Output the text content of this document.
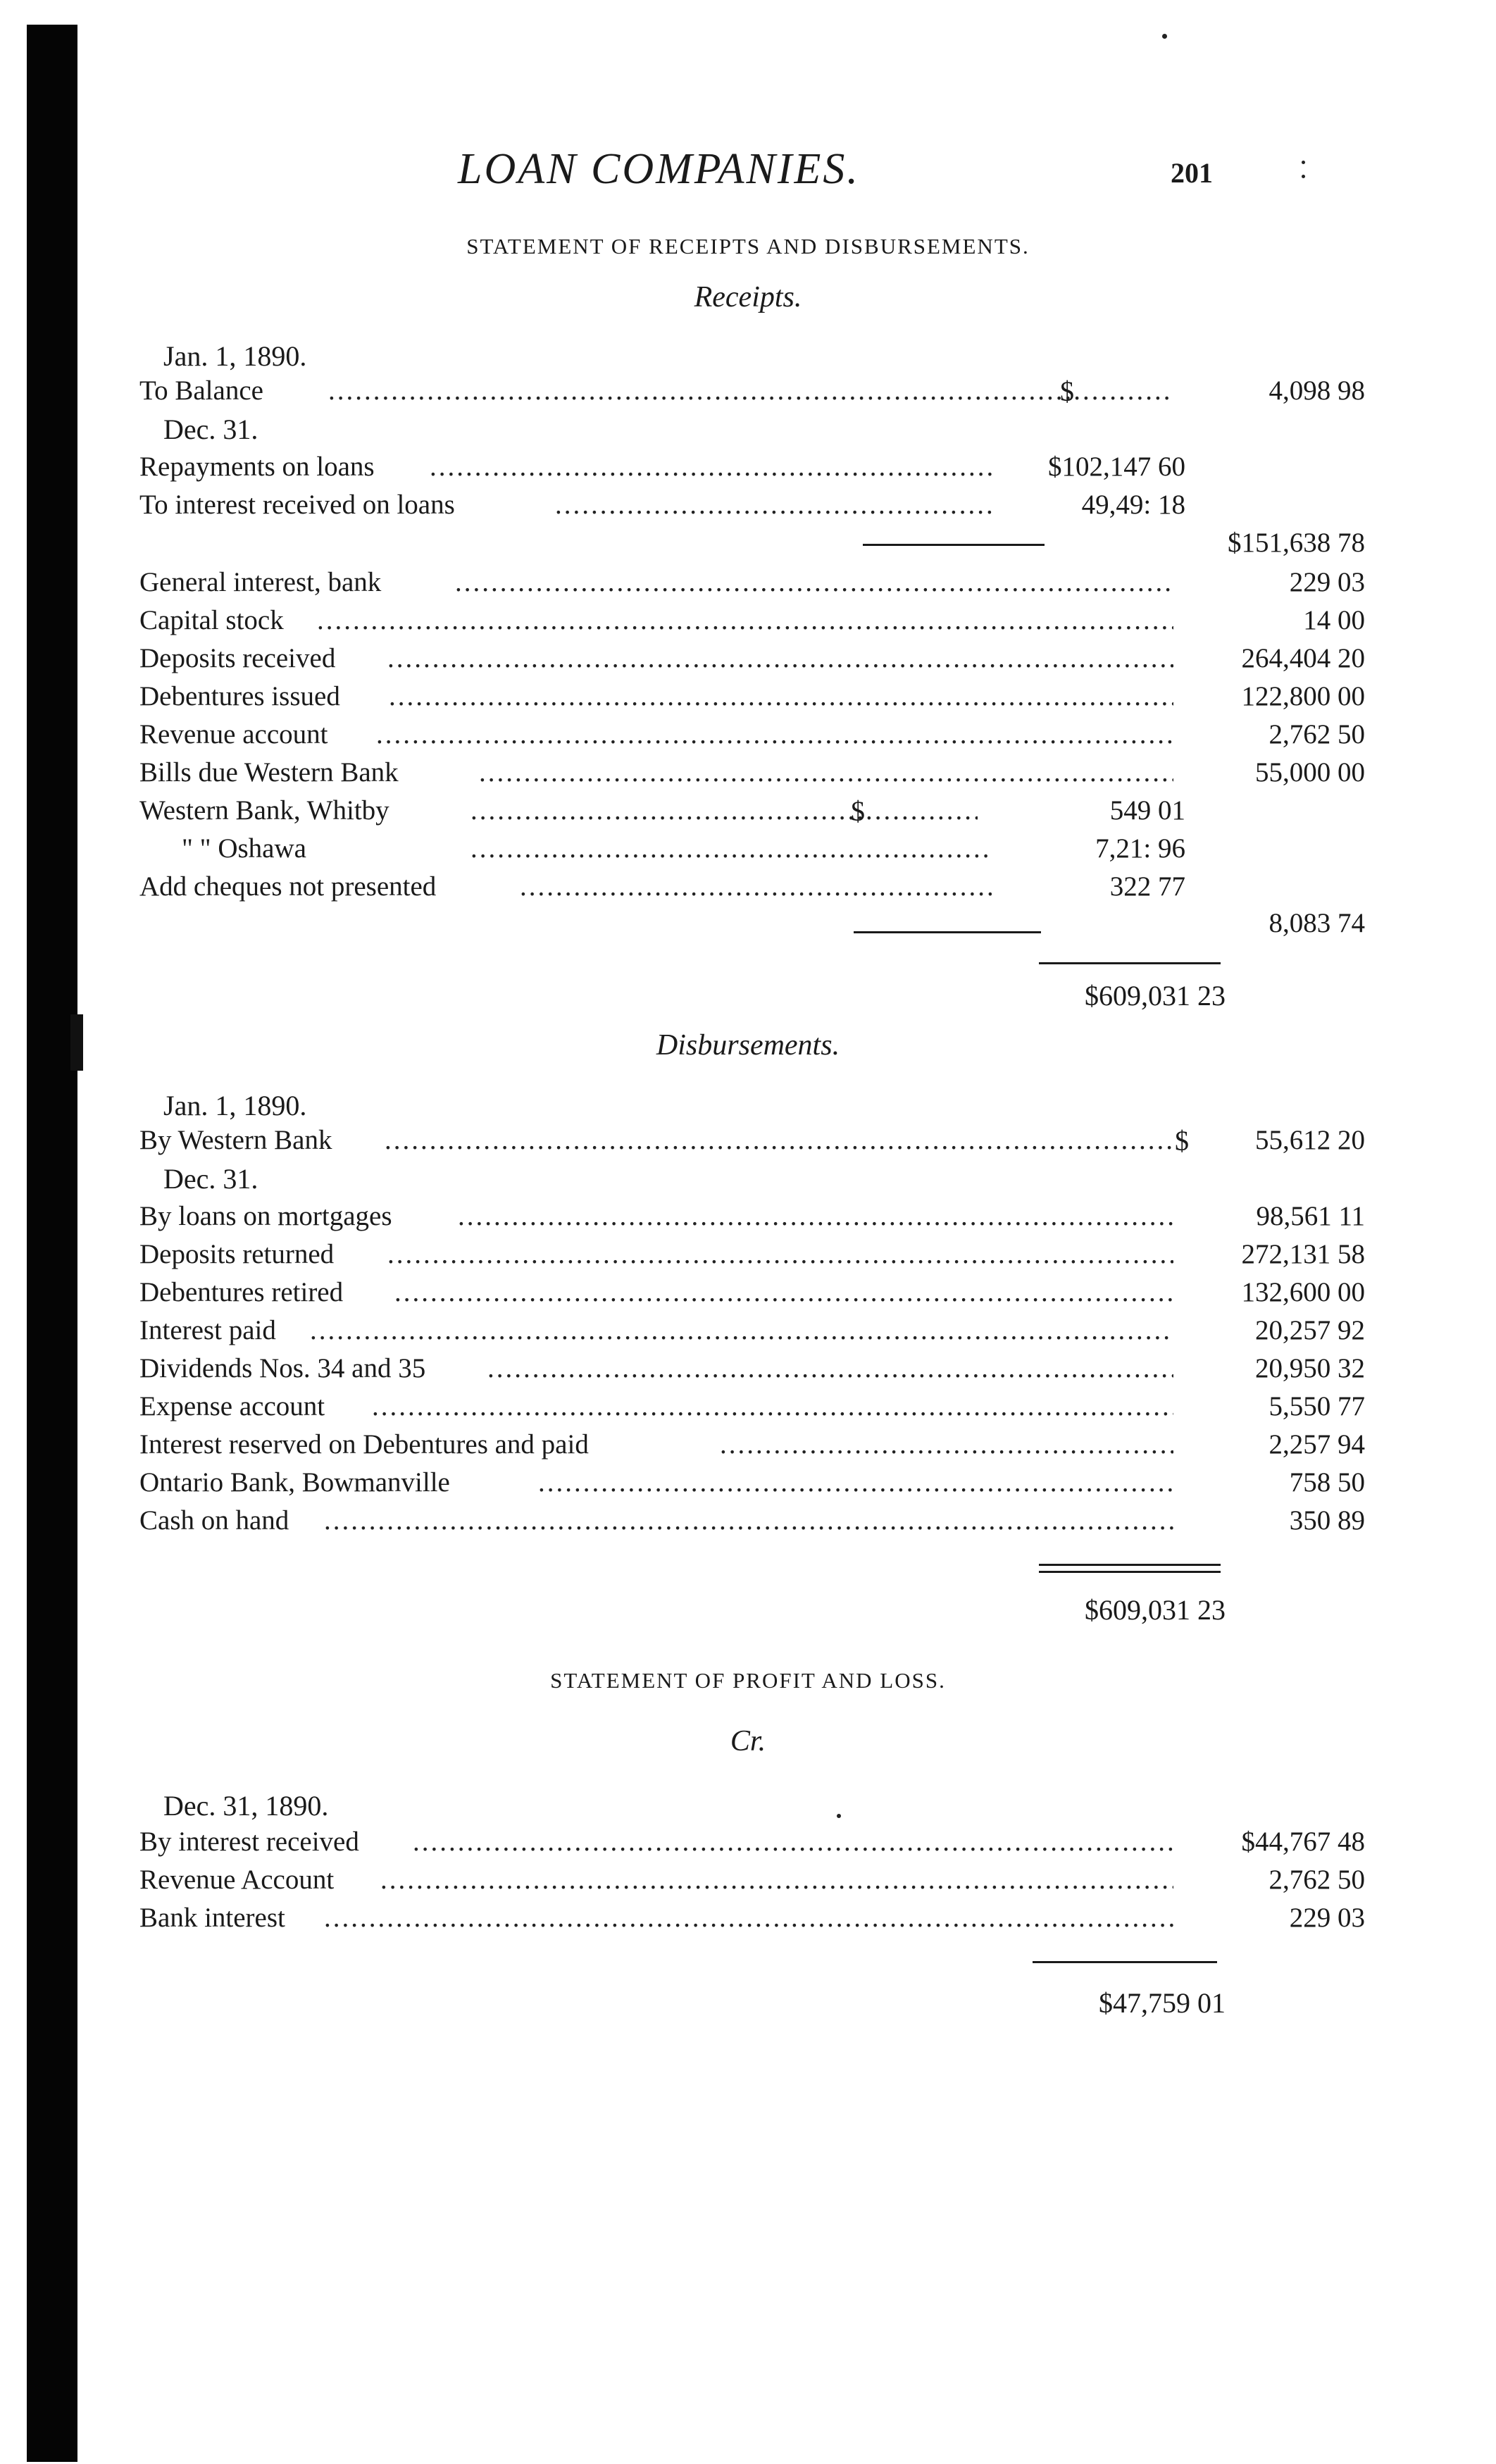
LOAN COMPANIES.	201
STATEMENT OF RECEIPTS AND DISBURSEMENTS.
Receipts.
Jan. 1, 1890.
To Balance .....	$	4,098 98
Dec. 31.
Repayments on loans .....	$102,147 60
To interest received on loans .....	49,49: 18
$151,638 78
General interest, bank .....	229 03
Capital stock .....	14 00
Deposits received .....	264,404 20
Debentures issued .....	122,800 00
Revenue account .....	2,762 50
Bills due Western Bank .....	55,000 00
Western Bank, Whitby .....	$	549 01
" " Oshawa .....	7,21: 96
Add cheques not presented .....	322 77
8,083 74
$609,031 23
Disbursements.
Jan. 1, 1890.
By Western Bank .....	$	55,612 20
Dec. 31.
By loans on mortgages .....	98,561 11
Deposits returned .....	272,131 58
Debentures retired .....	132,600 00
Interest paid .....	20,257 92
Dividends Nos. 34 and 35 .....	20,950 32
Expense account .....	5,550 77
Interest reserved on Debentures and paid .....	2,257 94
Ontario Bank, Bowmanville .....	758 50
Cash on hand .....	350 89
$609,031 23
STATEMENT OF PROFIT AND LOSS.
Cr.
Dec. 31, 1890.
By interest received .....	$44,767 48
Revenue Account .....	2,762 50
Bank interest .....	229 03
$47,759 01
